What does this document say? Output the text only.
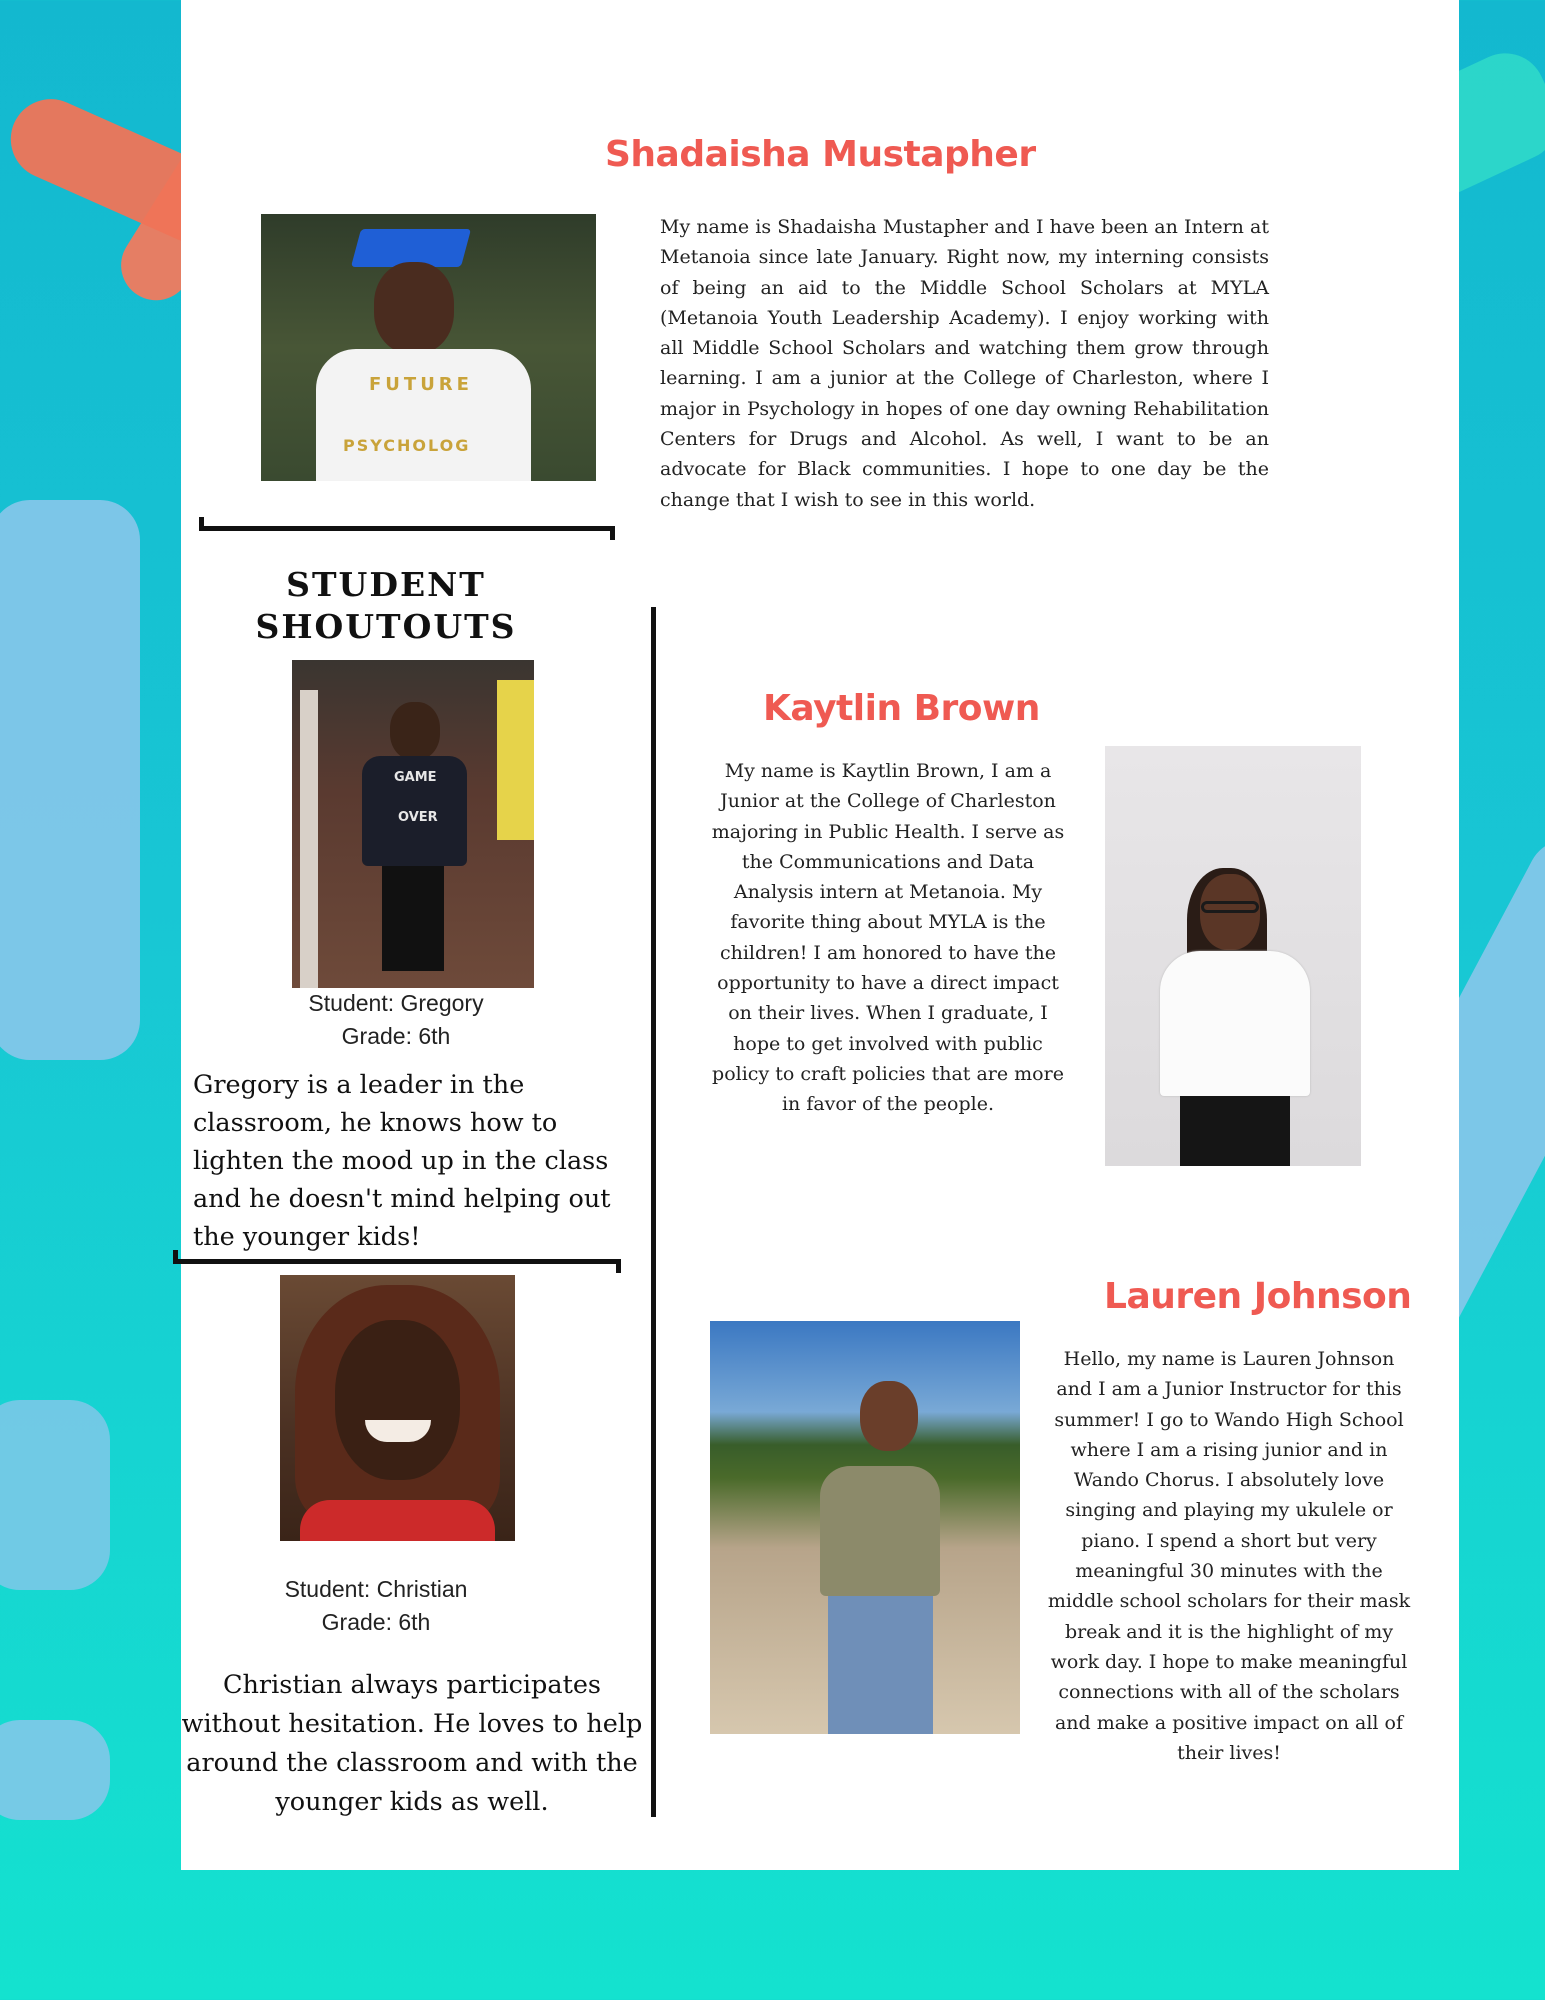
Shadaisha Mustapher
FUTURE
PSYCHOLOG
My name is Shadaisha Mustapher and I have been an Intern at Metanoia since late January. Right now, my interning consists of being an aid to the Middle School Scholars at MYLA (Metanoia Youth Leadership Academy). I enjoy working with all Middle School Scholars and watching them grow through learning. I am a junior at the College of Charleston, where I major in Psychology in hopes of one day owning Rehabilitation Centers for Drugs and Alcohol. As well, I want to be an advocate for Black communities. I hope to one day be the change that I wish to see in this world.
STUDENT
SHOUTOUTS
GAME
OVER
Student: Gregory
Grade: 6th
Gregory is a leader in the classroom, he knows how to lighten the mood up in the class and he doesn't mind helping out the younger kids!
Student: Christian
Grade: 6th
Christian always participates without hesitation. He loves to help around the classroom and with the younger kids as well.
Kaytlin Brown
My name is Kaytlin Brown, I am a Junior at the College of Charleston majoring in Public Health. I serve as the Communications and Data Analysis intern at Metanoia. My favorite thing about MYLA is the children! I am honored to have the opportunity to have a direct impact on their lives. When I graduate, I hope to get involved with public policy to craft policies that are more in favor of the people.
Lauren Johnson
Hello, my name is Lauren Johnson and I am a Junior Instructor for this summer! I go to Wando High School where I am a rising junior and in Wando Chorus. I absolutely love singing and playing my ukulele or piano. I spend a short but very meaningful 30 minutes with the middle school scholars for their mask break and it is the highlight of my work day. I hope to make meaningful connections with all of the scholars and make a positive impact on all of their lives!
